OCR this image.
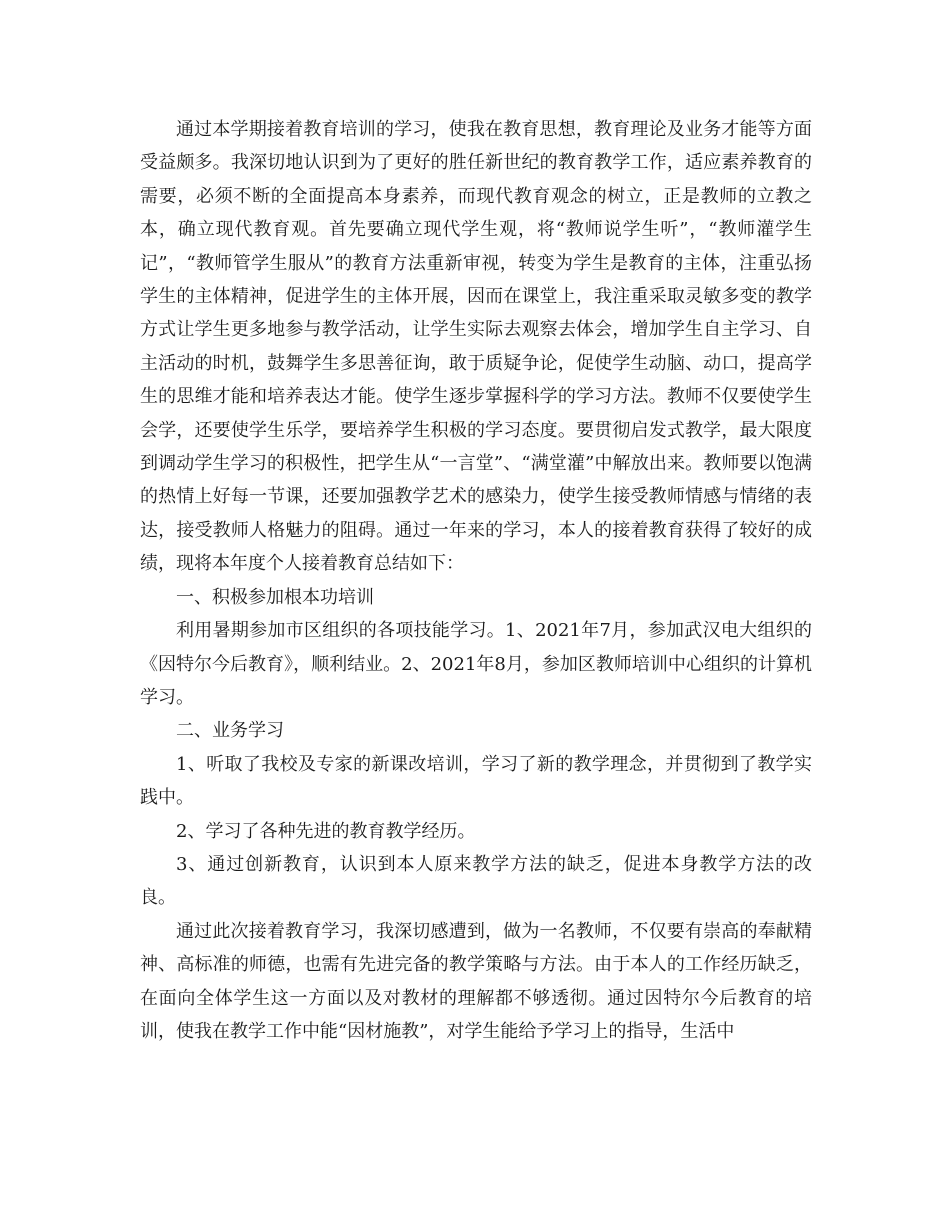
通过本学期接着教育培训的学习，使我在教育思想，教育理论及业务才能等方面受益颇多。我深切地认识到为了更好的胜任新世纪的教育教学工作，适应素养教育的需要，必须不断的全面提高本身素养，而现代教育观念的树立，正是教师的立教之本，确立现代教育观。首先要确立现代学生观，将“教师说学生听”，“教师灌学生记”，“教师管学生服从”的教育方法重新审视，转变为学生是教育的主体，注重弘扬学生的主体精神，促进学生的主体开展，因而在课堂上，我注重采取灵敏多变的教学方式让学生更多地参与教学活动，让学生实际去观察去体会，增加学生自主学习、自主活动的时机，鼓舞学生多思善征询，敢于质疑争论，促使学生动脑、动口，提高学生的思维才能和培养表达才能。使学生逐步掌握科学的学习方法。教师不仅要使学生会学，还要使学生乐学，要培养学生积极的学习态度。要贯彻启发式教学，最大限度到调动学生学习的积极性，把学生从“一言堂”、“满堂灌”中解放出来。教师要以饱满的热情上好每一节课，还要加强教学艺术的感染力，使学生接受教师情感与情绪的表达，接受教师人格魅力的阻碍。通过一年来的学习，本人的接着教育获得了较好的成绩，现将本年度个人接着教育总结如下：

一、积极参加根本功培训

利用暑期参加市区组织的各项技能学习。1、2021年7月，参加武汉电大组织的《因特尔今后教育》，顺利结业。2、2021年8月，参加区教师培训中心组织的计算机学习。

二、业务学习

1、听取了我校及专家的新课改培训，学习了新的教学理念，并贯彻到了教学实践中。

2、学习了各种先进的教育教学经历。

3、通过创新教育，认识到本人原来教学方法的缺乏，促进本身教学方法的改良。

通过此次接着教育学习，我深切感遭到，做为一名教师，不仅要有崇高的奉献精神、高标准的师德，也需有先进完备的教学策略与方法。由于本人的工作经历缺乏，在面向全体学生这一方面以及对教材的理解都不够透彻。通过因特尔今后教育的培训，使我在教学工作中能“因材施教”，对学生能给予学习上的指导，生活中
